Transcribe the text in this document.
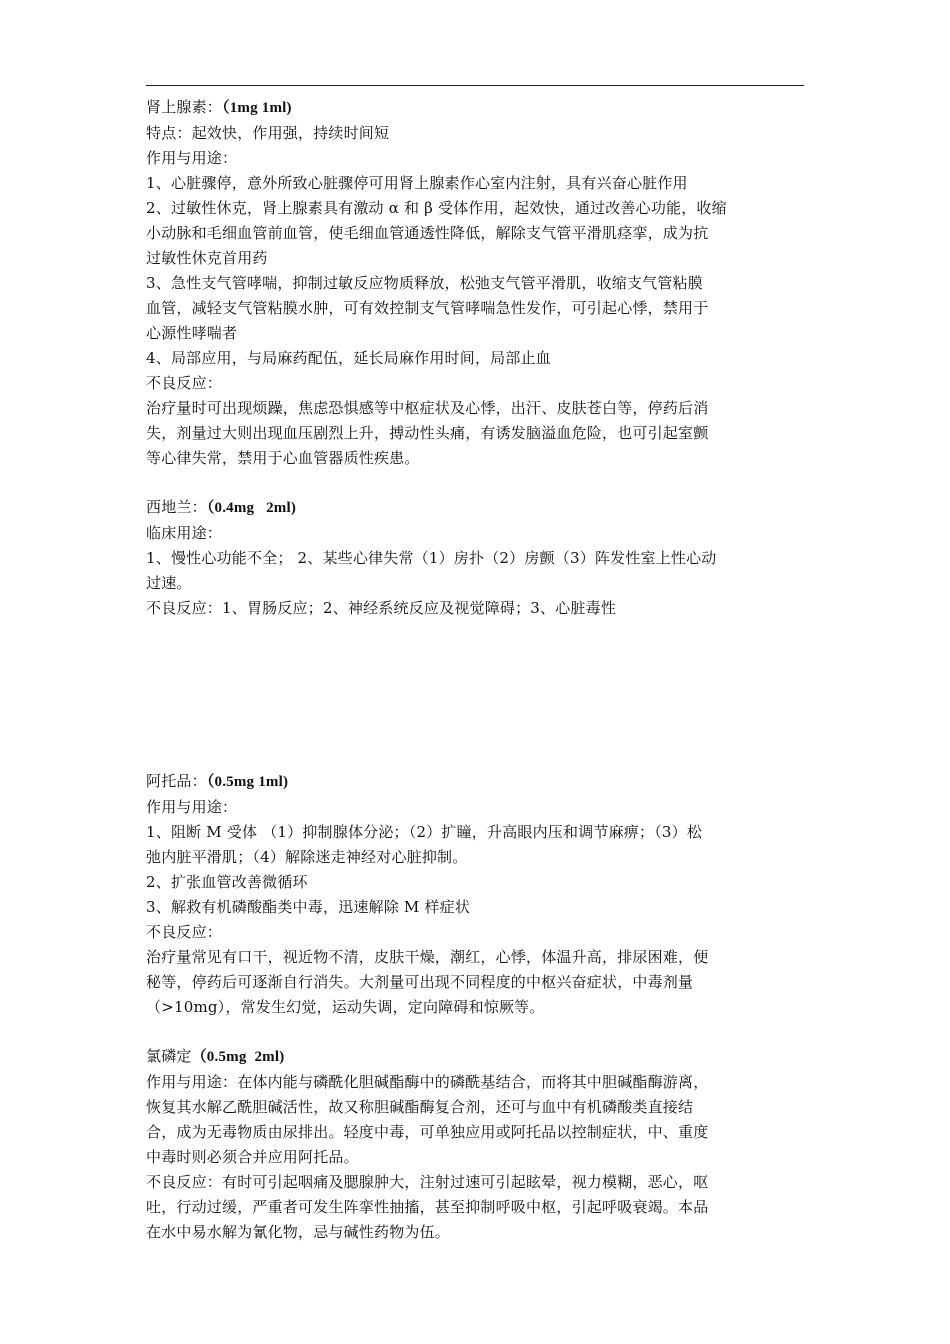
肾上腺素：（1mg 1ml)
特点：起效快，作用强，持续时间短
作用与用途：
1、心脏骤停，意外所致心脏骤停可用肾上腺素作心室内注射，具有兴奋心脏作用
2、过敏性休克，肾上腺素具有激动 α 和 β 受体作用，起效快，通过改善心功能，收缩
小动脉和毛细血管前血管，使毛细血管通透性降低，解除支气管平滑肌痉挛，成为抗
过敏性休克首用药
3、急性支气管哮喘，抑制过敏反应物质释放，松弛支气管平滑肌，收缩支气管粘膜
血管，减轻支气管粘膜水肿，可有效控制支气管哮喘急性发作，可引起心悸，禁用于
心源性哮喘者
4、局部应用，与局麻药配伍，延长局麻作用时间，局部止血
不良反应：
治疗量时可出现烦躁，焦虑恐惧感等中枢症状及心悸，出汗、皮肤苍白等，停药后消
失，剂量过大则出现血压剧烈上升，搏动性头痛，有诱发脑溢血危险，也可引起室颤
等心律失常，禁用于心血管器质性疾患。
西地兰：（0.4mg   2ml)
临床用途：
1、慢性心功能不全； 2、某些心律失常（1）房扑（2）房颤（3）阵发性室上性心动
过速。
不良反应：1、胃肠反应；2、神经系统反应及视觉障碍；3、心脏毒性
阿托品：（0.5mg 1ml)
作用与用途：
1、阻断 M 受体 （1）抑制腺体分泌；（2）扩瞳，升高眼内压和调节麻痹；（3）松
弛内脏平滑肌；（4）解除迷走神经对心脏抑制。
2、扩张血管改善微循环
3、解救有机磷酸酯类中毒，迅速解除 M 样症状
不良反应：
治疗量常见有口干，视近物不清，皮肤干燥，潮红，心悸，体温升高，排尿困难，便
秘等，停药后可逐渐自行消失。大剂量可出现不同程度的中枢兴奋症状，中毒剂量
（>10mg），常发生幻觉，运动失调，定向障碍和惊厥等。
氯磷定（0.5mg  2ml)
作用与用途：在体内能与磷酰化胆碱酯酶中的磷酰基结合，而将其中胆碱酯酶游离，
恢复其水解乙酰胆碱活性，故又称胆碱酯酶复合剂，还可与血中有机磷酸类直接结
合，成为无毒物质由尿排出。轻度中毒，可单独应用或阿托品以控制症状，中、重度
中毒时则必须合并应用阿托品。
不良反应：有时可引起咽痛及腮腺肿大，注射过速可引起眩晕，视力模糊，恶心，呕
吐，行动过缓，严重者可发生阵挛性抽搐，甚至抑制呼吸中枢，引起呼吸衰竭。本品
在水中易水解为氰化物，忌与碱性药物为伍。
